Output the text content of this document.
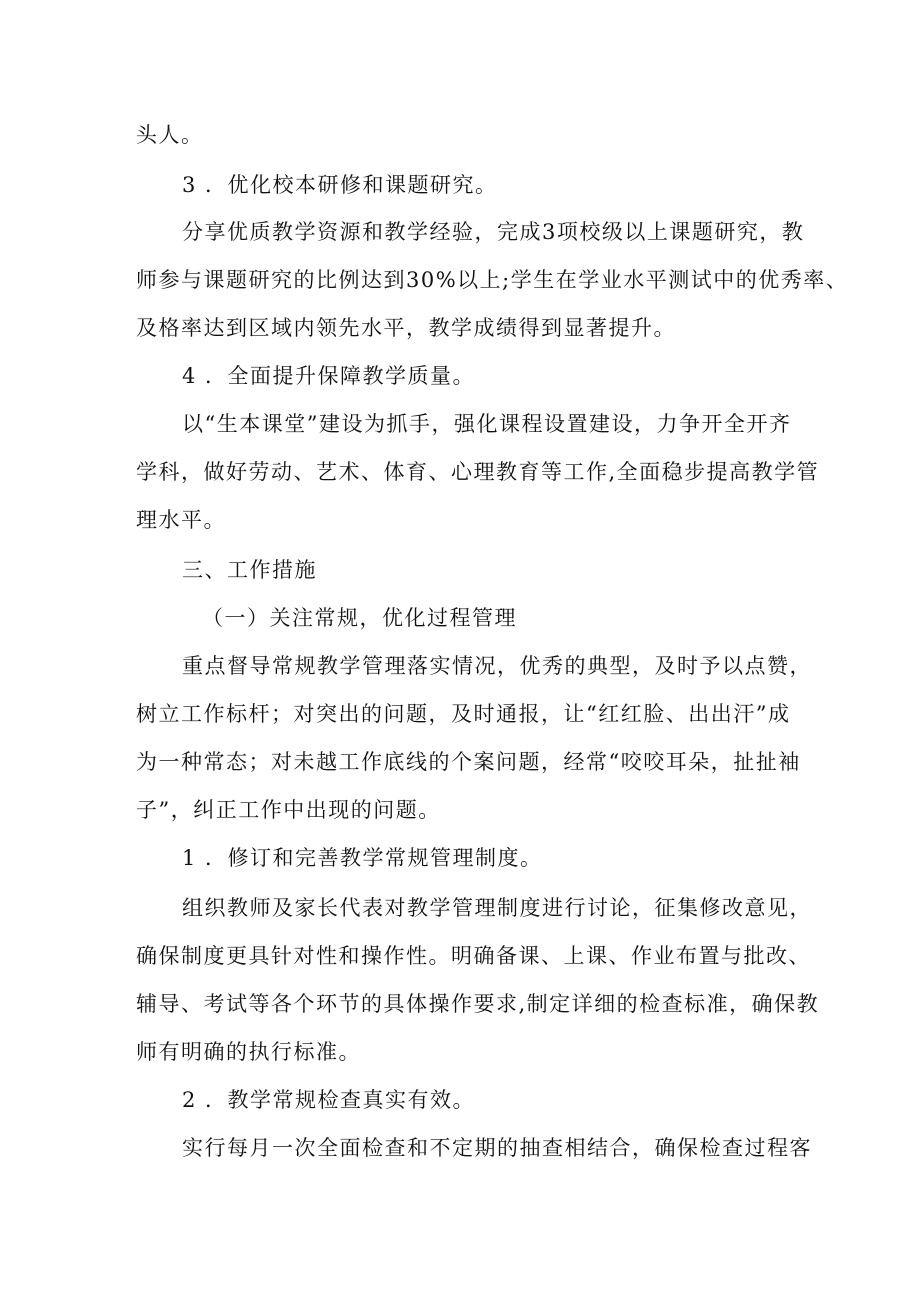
头人。

3 ．优化校本研修和课题研究。

分享优质教学资源和教学经验，完成3项校级以上课题研究，教

师参与课题研究的比例达到30%以上;学生在学业水平测试中的优秀率、

及格率达到区域内领先水平，教学成绩得到显著提升。

4 ．全面提升保障教学质量。

以“生本课堂”建设为抓手，强化课程设置建设，力争开全开齐

学科，做好劳动、艺术、体育、心理教育等工作,全面稳步提高教学管

理水平。

三、工作措施

（一）关注常规，优化过程管理

重点督导常规教学管理落实情况，优秀的典型，及时予以点赞，

树立工作标杆；对突出的问题，及时通报，让“红红脸、出出汗”成

为一种常态；对未越工作底线的个案问题，经常“咬咬耳朵，扯扯袖

子”，纠正工作中出现的问题。

1 ．修订和完善教学常规管理制度。

组织教师及家长代表对教学管理制度进行讨论，征集修改意见，

确保制度更具针对性和操作性。明确备课、上课、作业布置与批改、

辅导、考试等各个环节的具体操作要求,制定详细的检查标准，确保教

师有明确的执行标准。

2 ．教学常规检查真实有效。

实行每月一次全面检查和不定期的抽查相结合，确保检查过程客
